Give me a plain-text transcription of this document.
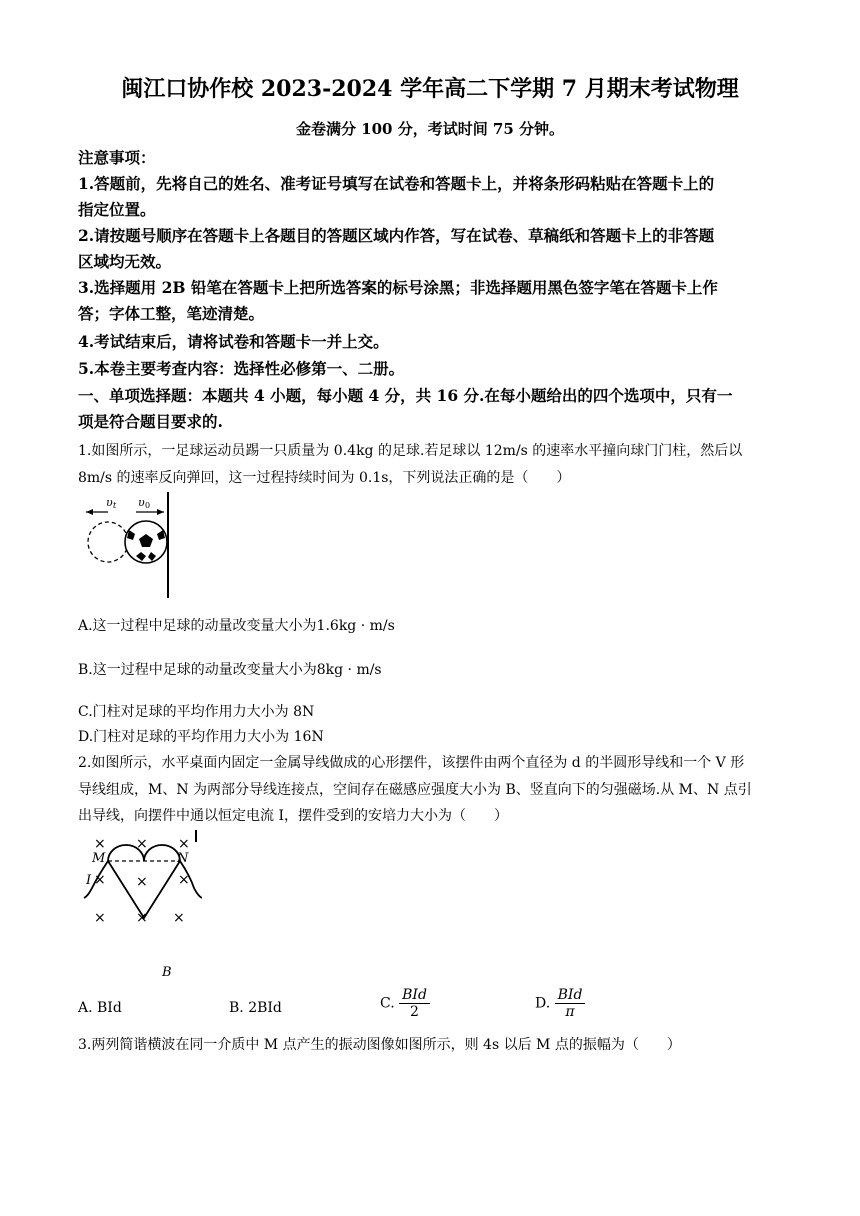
闽江口协作校 2023-2024 学年高二下学期 7 月期末考试物理
金卷满分 100 分，考试时间 75 分钟。
注意事项：
1.答题前，先将自己的姓名、准考证号填写在试卷和答题卡上，并将条形码粘贴在答题卡上的
指定位置。
2.请按题号顺序在答题卡上各题目的答题区域内作答，写在试卷、草稿纸和答题卡上的非答题
区域均无效。
3.选择题用 2B 铅笔在答题卡上把所选答案的标号涂黑；非选择题用黑色签字笔在答题卡上作
答；字体工整，笔迹清楚。
4.考试结束后，请将试卷和答题卡一并上交。
5.本卷主要考查内容：选择性必修第一、二册。
一、单项选择题：本题共 4 小题，每小题 4 分，共 16 分.在每小题给出的四个选项中，只有一
项是符合题目要求的.
1.如图所示，一足球运动员踢一只质量为 0.4kg 的足球.若足球以 12m/s 的速率水平撞向球门门柱，然后以
8m/s 的速率反向弹回，这一过程持续时间为 0.1s，下列说法正确的是（　　）
υ t υ 0
A.这一过程中足球的动量改变量大小为1.6kg · m/s
B.这一过程中足球的动量改变量大小为8kg · m/s
C.门柱对足球的平均作用力大小为 8N
D.门柱对足球的平均作用力大小为 16N
2.如图所示，水平桌面内固定一金属导线做成的心形摆件，该摆件由两个直径为 d 的半圆形导线和一个 V 形
导线组成，M、N 为两部分导线连接点，空间存在磁感应强度大小为 B、竖直向下的匀强磁场.从 M、N 点引
出导线，向摆件中通以恒定电流 I，摆件受到的安培力大小为（　　）
× × ×
× × ×
× × ×
M	N
I
B
A. BId	B. 2BId	C. $\frac{\text{BId}}{2}$	D. $\frac{\text{BId}}{\pi}$
3.两列简谐横波在同一介质中 M 点产生的振动图像如图所示，则 4s 以后 M 点的振幅为（　　）
